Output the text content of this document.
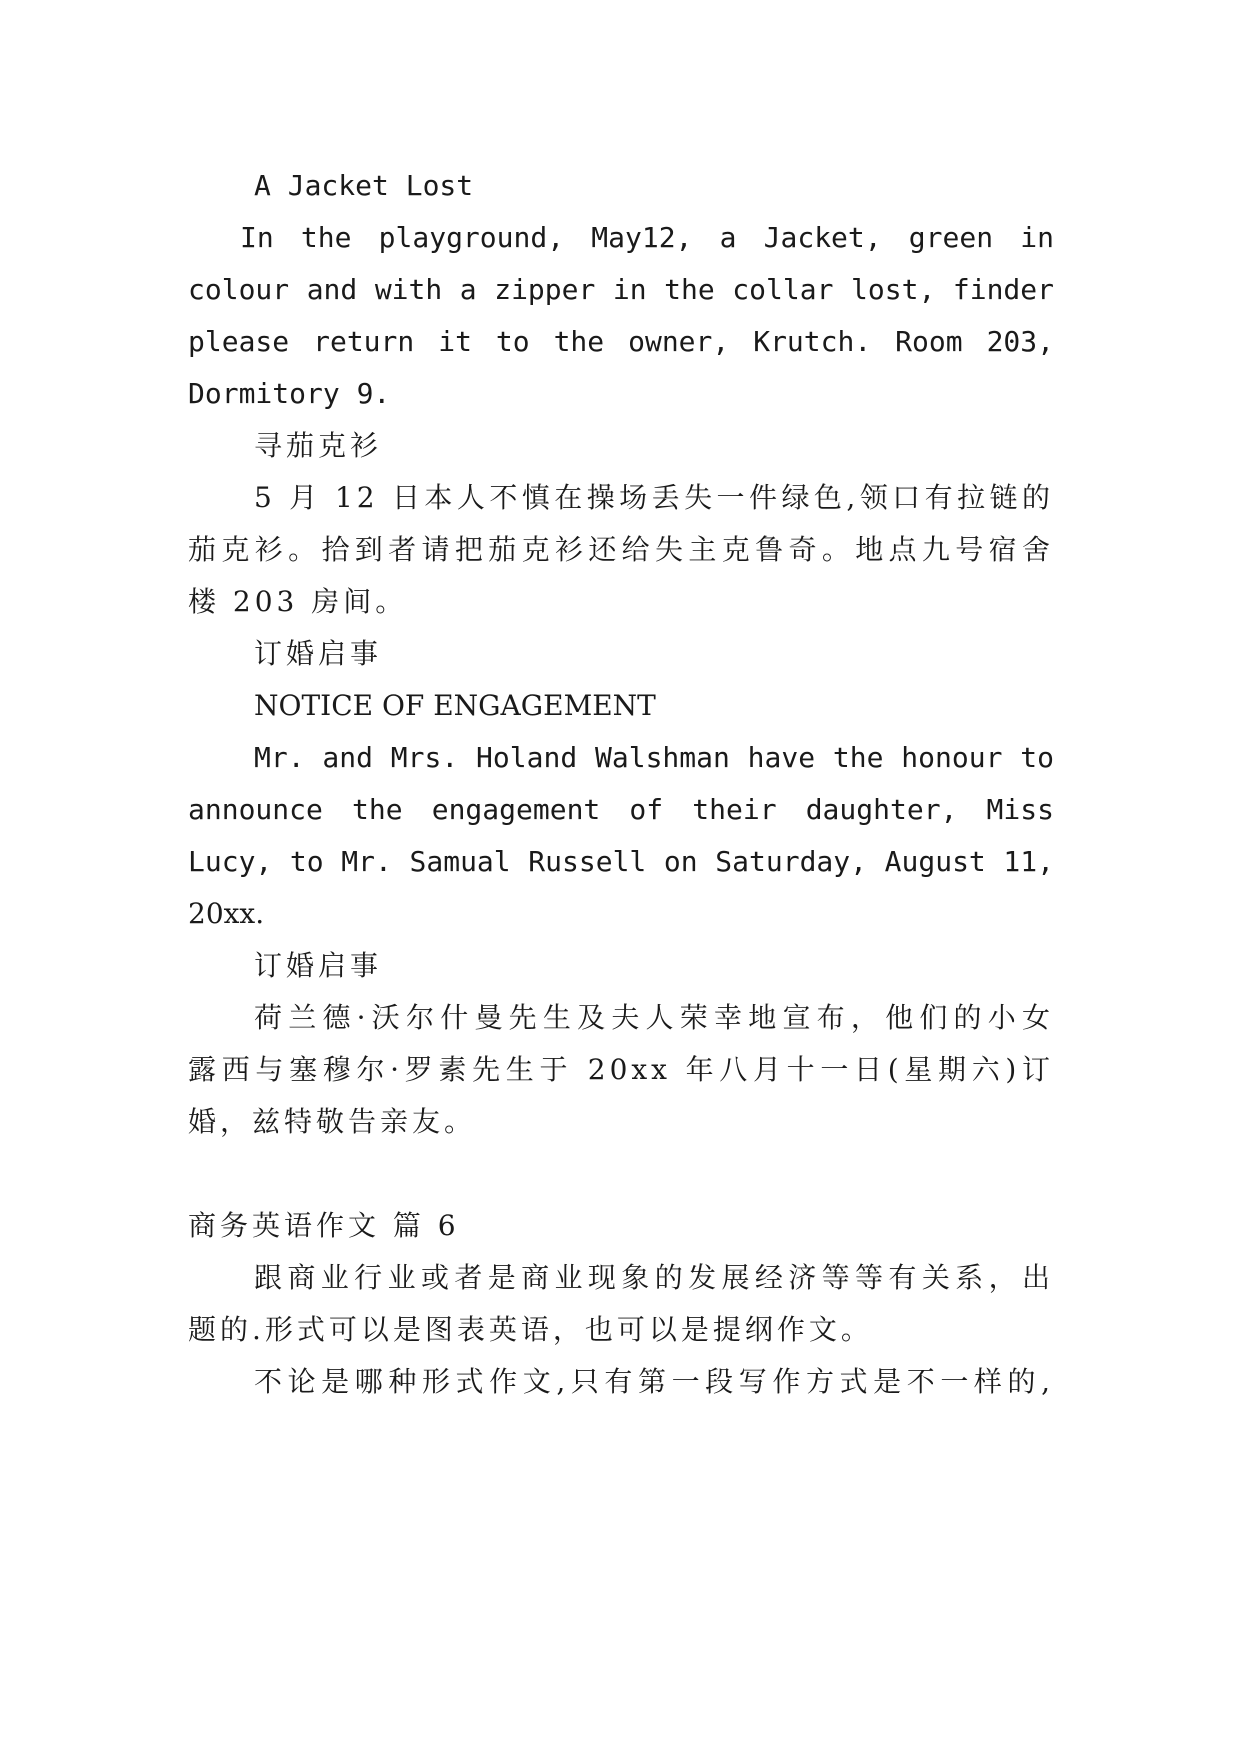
A Jacket Lost
In the playground, May12, a Jacket, green in
colour and with a zipper in the collar lost, finder
please return it to the owner, Krutch. Room 203,
Dormitory 9.
寻茄克衫
5 月 12 日本人不慎在操场丢失一件绿色,领口有拉链的
茄克衫。拾到者请把茄克衫还给失主克鲁奇。地点九号宿舍
楼 203 房间。
订婚启事
NOTICE OF ENGAGEMENT
Mr. and Mrs. Holand Walshman have the honour to
announce the engagement of their daughter, Miss
Lucy, to Mr. Samual Russell on Saturday, August 11,
20xx.
订婚启事
荷兰德·沃尔什曼先生及夫人荣幸地宣布，他们的小女
露西与塞穆尔·罗素先生于 20xx 年八月十一日(星期六)订
婚，兹特敬告亲友。
商务英语作文 篇 6
跟商业行业或者是商业现象的发展经济等等有关系，出
题的.形式可以是图表英语，也可以是提纲作文。
不论是哪种形式作文,只有第一段写作方式是不一样的,
